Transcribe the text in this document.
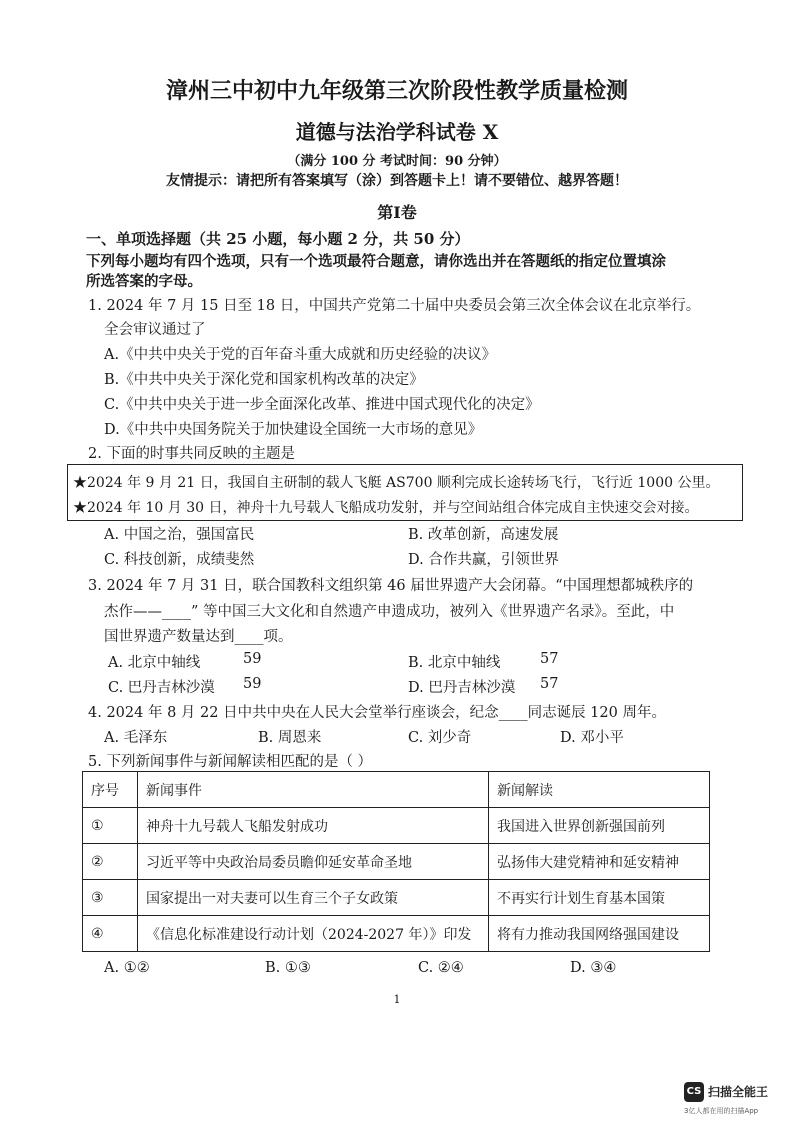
漳州三中初中九年级第三次阶段性教学质量检测
道德与法治学科试卷 X
（满分 100 分 考试时间：90 分钟）
友情提示：请把所有答案填写（涂）到答题卡上！请不要错位、越界答题！
第Ⅰ卷
一、单项选择题（共 25 小题，每小题 2 分，共 50 分）
下列每小题均有四个选项，只有一个选项最符合题意，请你选出并在答题纸的指定位置填涂
所选答案的字母。
1. 2024 年 7 月 15 日至 18 日，中国共产党第二十届中央委员会第三次全体会议在北京举行。
全会审议通过了
A.《中共中央关于党的百年奋斗重大成就和历史经验的决议》
B.《中共中央关于深化党和国家机构改革的决定》
C.《中共中央关于进一步全面深化改革、推进中国式现代化的决定》
D.《中共中央国务院关于加快建设全国统一大市场的意见》
2. 下面的时事共同反映的主题是
★2024 年 9 月 21 日，我国自主研制的载人飞艇 AS700 顺利完成长途转场飞行，飞行近 1000 公里。
★2024 年 10 月 30 日，神舟十九号载人飞船成功发射，并与空间站组合体完成自主快速交会对接。
A. 中国之治，强国富民	B. 改革创新，高速发展
C. 科技创新，成绩斐然	D. 合作共赢，引领世界
3. 2024 年 7 月 31 日，联合国教科文组织第 46 届世界遗产大会闭幕。“中国理想都城秩序的
杰作——____” 等中国三大文化和自然遗产申遗成功，被列入《世界遗产名录》。至此，中
国世界遗产数量达到____项。
A. 北京中轴线	59	B. 北京中轴线	57
C. 巴丹吉林沙漠 59	D. 巴丹吉林沙漠 57
4. 2024 年 8 月 22 日中共中央在人民大会堂举行座谈会，纪念____同志诞辰 120 周年。
A. 毛泽东	B. 周恩来	C. 刘少奇	D. 邓小平
5. 下列新闻事件与新闻解读相匹配的是（ ）
序号	新闻事件	新闻解读
①	神舟十九号载人飞船发射成功	我国进入世界创新强国前列
②	习近平等中央政治局委员瞻仰延安革命圣地	弘扬伟大建党精神和延安精神
③	国家提出一对夫妻可以生育三个子女政策	不再实行计划生育基本国策
④	《信息化标准建设行动计划（2024-2027 年）》印发	将有力推动我国网络强国建设
A. ①②	B. ①③	C. ②④	D. ③④
1
CS 扫描全能王
3亿人都在用的扫描App
